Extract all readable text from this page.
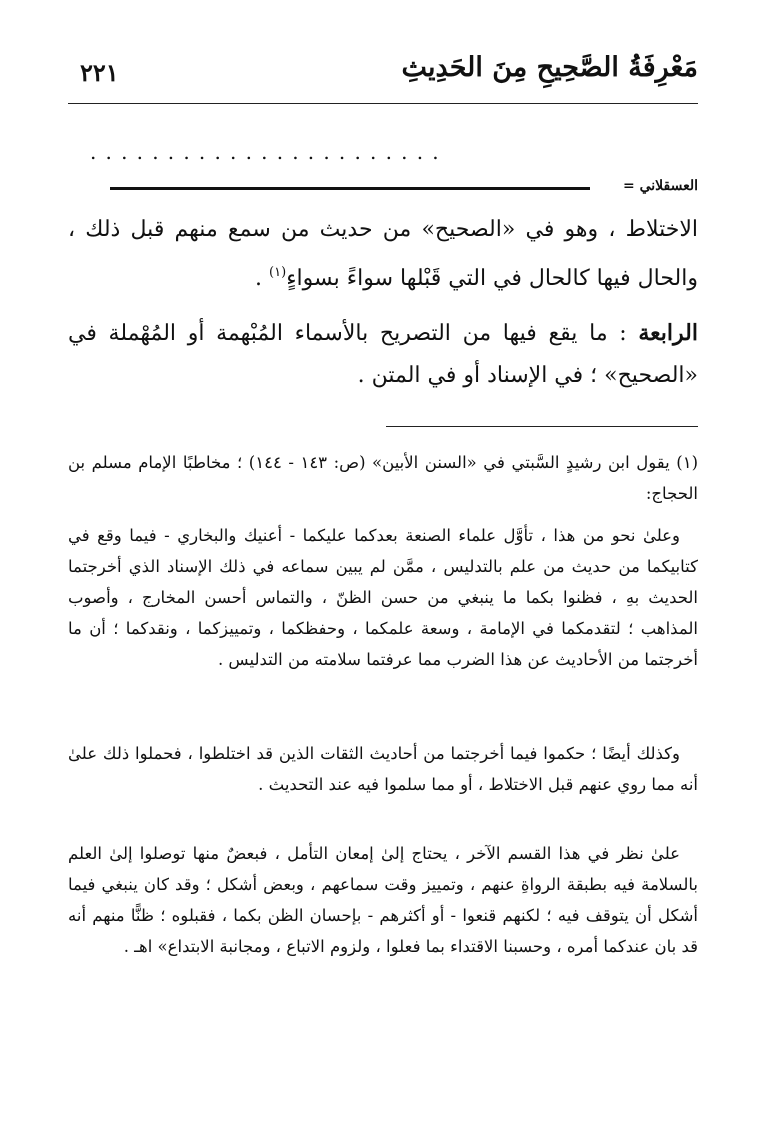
مَعْرِفَةُ الصَّحِيحِ مِنَ الحَدِيثِ
٢٢١
.......................
العسقلاني =
الاختلاط ، وهو في «الصحيح» من حديث من سمع منهم قبل ذلك ، والحال فيها كالحال في التي قَبْلها سواءً بسواءٍ$^{(١)}$ .
الرابعة : ما يقع فيها من التصريح بالأسماء المُبْهمة أو المُهْملة في «الصحيح» ؛ في الإسناد أو في المتن .

(١) يقول ابن رشيدٍ السَّبتي في «السنن الأبين» (ص: ١٤٣ - ١٤٤) ؛ مخاطبًا الإمام مسلم بن الحجاج:

وعلىٰ نحو من هذا ، تأوَّل علماء الصنعة بعدكما عليكما - أعنيك والبخاري - فيما وقع في كتابيكما من حديث من علم بالتدليس ، ممَّن لم يبين سماعه في ذلك الإسناد الذي أخرجتما الحديث بهِ ، فظنوا بكما ما ينبغي من حسن الظنّ ، والتماس أحسن المخارج ، وأصوب المذاهب ؛ لتقدمكما في الإمامة ، وسعة علمكما ، وحفظكما ، وتمييزكما ، ونقدكما ؛ أن ما أخرجتما من الأحاديث عن هذا الضرب مما عرفتما سلامته من التدليس .

وكذلك أيضًا ؛ حكموا فيما أخرجتما من أحاديث الثقات الذين قد اختلطوا ، فحملوا ذلك علىٰ أنه مما روي عنهم قبل الاختلاط ، أو مما سلموا فيه عند التحديث .

علىٰ نظر في هذا القسم الآخر ، يحتاج إلىٰ إمعان التأمل ، فبعضٌ منها توصلوا إلىٰ العلم بالسلامة فيه بطبقة الرواةِ عنهم ، وتمييز وقت سماعهم ، وبعض أشكل ؛ وقد كان ينبغي فيما أشكل أن يتوقف فيه ؛ لكنهم قنعوا - أو أكثرهم - بإحسان الظن بكما ، فقبلوه ؛ ظنًّا منهم أنه قد بان عندكما أمره ، وحسبنا الاقتداء بما فعلوا ، ولزوم الاتباع ، ومجانبة الابتداع» اهـ .
